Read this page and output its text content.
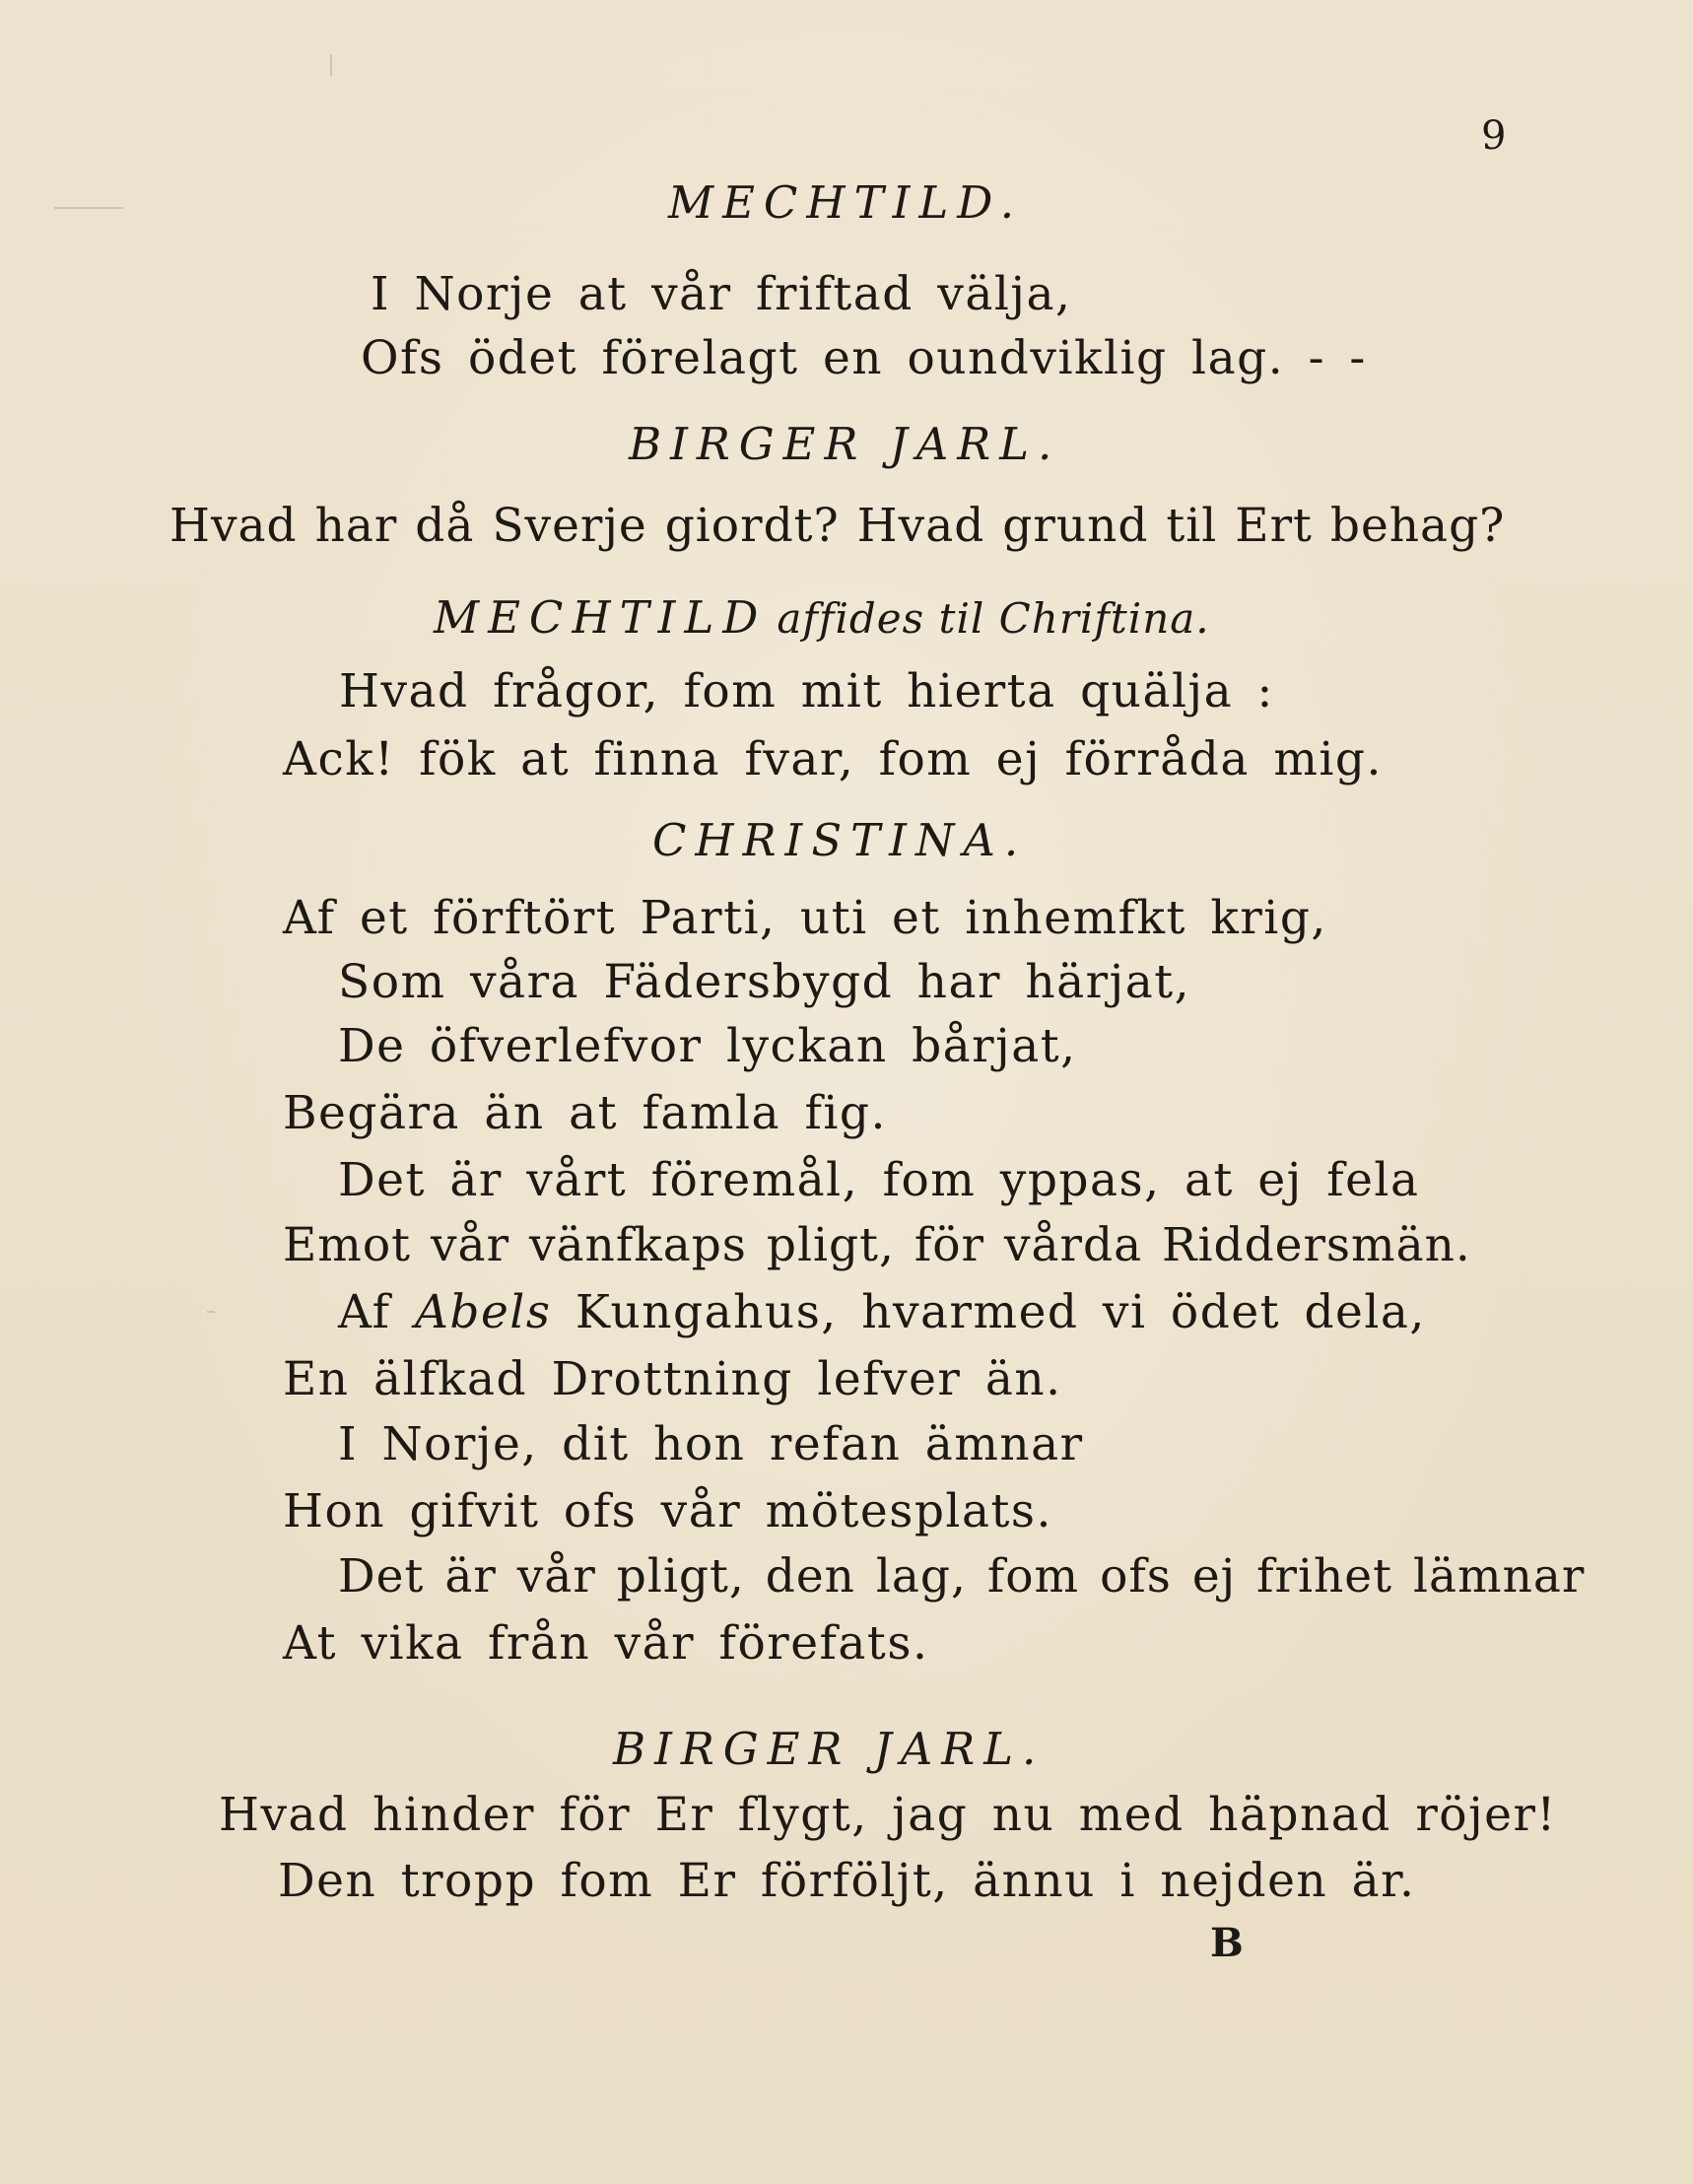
9
MECHTILD.
I Norje at vår friftad välja,
Ofs ödet förelagt en oundviklig lag. - -
BIRGER JARL.
Hvad har då Sverje giordt? Hvad grund til Ert behag?
MECHTILD affides til Chriftina.
Hvad frågor, fom mit hierta quälja :
Ack! fök at finna fvar, fom ej förråda mig.
CHRISTINA.
Af et förftört Parti, uti et inhemfkt krig,
Som våra Fädersbygd har härjat,
De öfverlefvor lyckan bårjat,
Begära än at famla fig.
Det är vårt föremål, fom yppas, at ej fela
Emot vår vänfkaps pligt, för vårda Riddersmän.
Af Abels Kungahus, hvarmed vi ödet dela,
En älfkad Drottning lefver än.
I Norje, dit hon refan ämnar
Hon gifvit ofs vår mötesplats.
Det är vår pligt, den lag, fom ofs ej frihet lämnar
At vika från vår förefats.
BIRGER JARL.
Hvad hinder för Er flygt, jag nu med häpnad röjer!
Den tropp fom Er förföljt, ännu i nejden är.
B
